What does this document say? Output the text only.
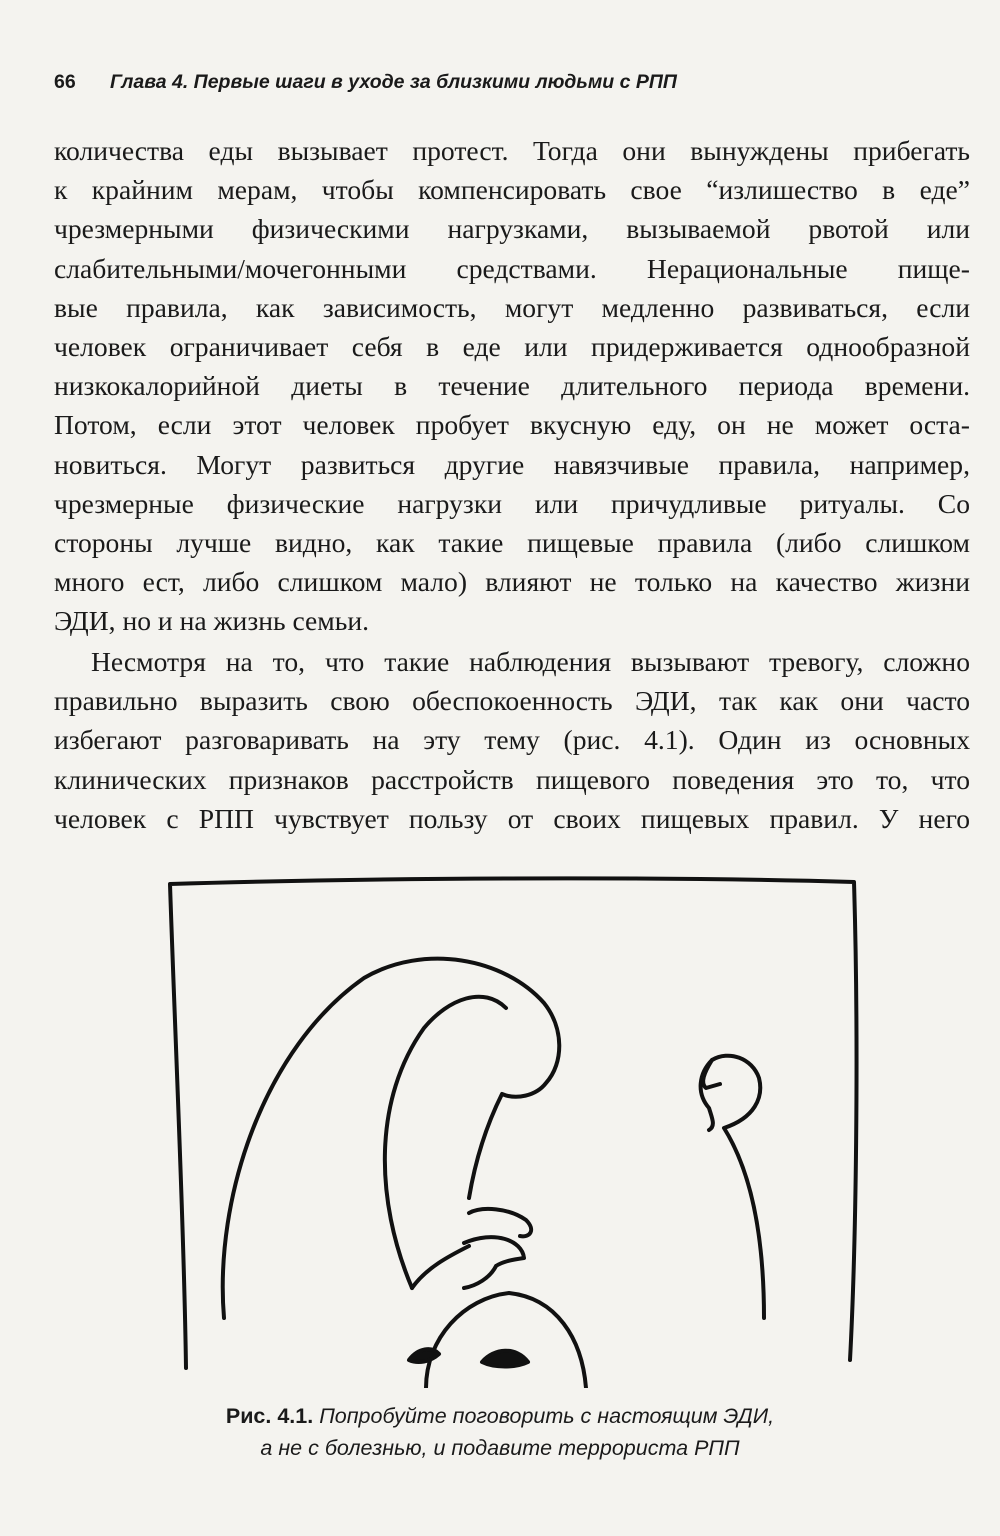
66 Глава 4. Первые шаги в уходе за близкими людьми с РПП
количества еды вызывает протест. Тогда они вынуждены прибегать
к крайним мерам, чтобы компенсировать свое “излишество в еде”
чрезмерными физическими нагрузками, вызываемой рвотой или
слабительными/мочегонными средствами. Нерациональные пище-
вые правила, как зависимость, могут медленно развиваться, если
человек ограничивает себя в еде или придерживается однообразной
низкокалорийной диеты в течение длительного периода времени.
Потом, если этот человек пробует вкусную еду, он не может оста-
новиться. Могут развиться другие навязчивые правила, например,
чрезмерные физические нагрузки или причудливые ритуалы. Со
стороны лучше видно, как такие пищевые правила (либо слишком
много ест, либо слишком мало) влияют не только на качество жизни
ЭДИ, но и на жизнь семьи.
Несмотря на то, что такие наблюдения вызывают тревогу, сложно
правильно выразить свою обеспокоенность ЭДИ, так как они часто
избегают разговаривать на эту тему (рис. 4.1). Один из основных
клинических признаков расстройств пищевого поведения это то, что
человек с РПП чувствует пользу от своих пищевых правил. У него
Рис. 4.1. Попробуйте поговорить с настоящим ЭДИ,
а не с болезнью, и подавите террориста РПП
